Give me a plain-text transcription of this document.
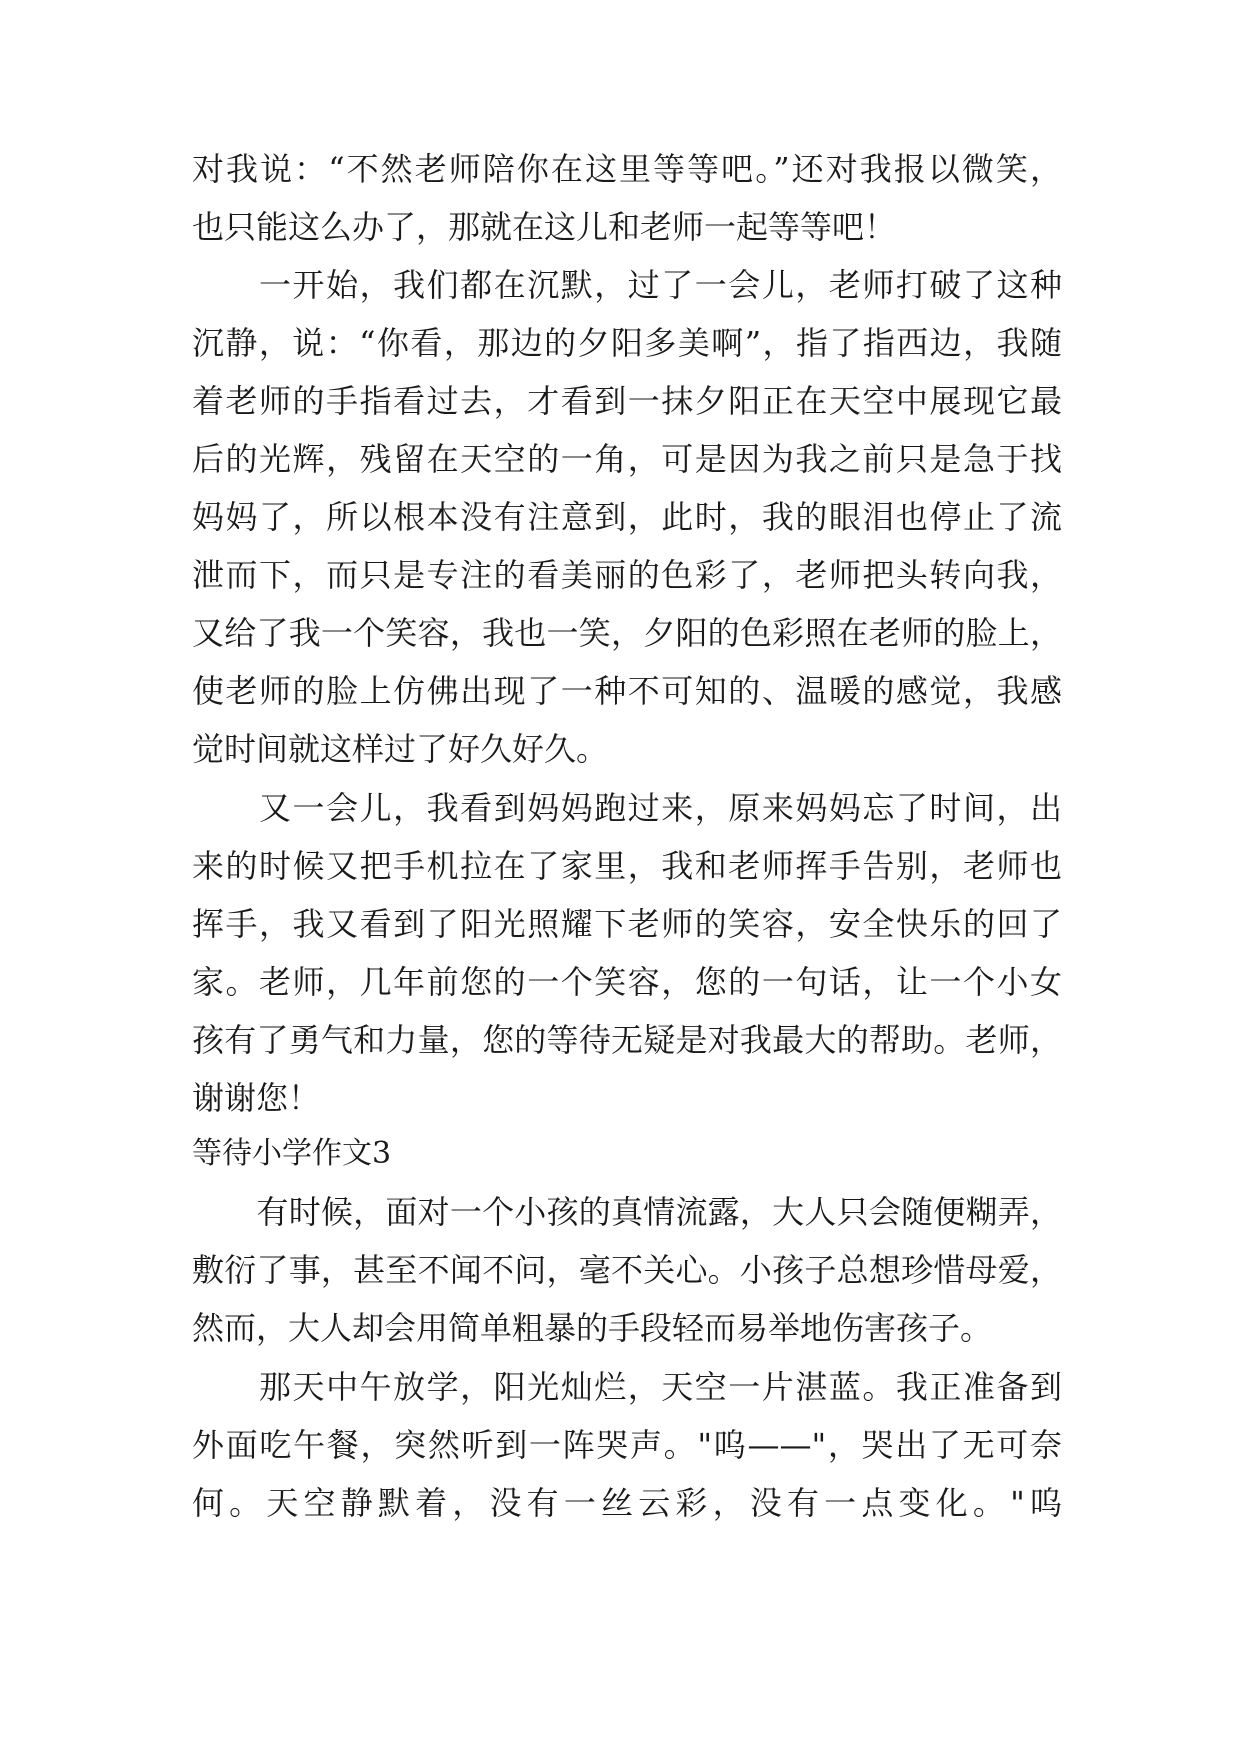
对我说：“不然老师陪你在这里等等吧。”还对我报以微笑，
也只能这么办了，那就在这儿和老师一起等等吧！
　　一开始，我们都在沉默，过了一会儿，老师打破了这种
沉静，说：“你看，那边的夕阳多美啊”，指了指西边，我随
着老师的手指看过去，才看到一抹夕阳正在天空中展现它最
后的光辉，残留在天空的一角，可是因为我之前只是急于找
妈妈了，所以根本没有注意到，此时，我的眼泪也停止了流
泄而下，而只是专注的看美丽的色彩了，老师把头转向我，
又给了我一个笑容，我也一笑，夕阳的色彩照在老师的脸上，
使老师的脸上仿佛出现了一种不可知的、温暖的感觉，我感
觉时间就这样过了好久好久。
　　又一会儿，我看到妈妈跑过来，原来妈妈忘了时间，出
来的时候又把手机拉在了家里，我和老师挥手告别，老师也
挥手，我又看到了阳光照耀下老师的笑容，安全快乐的回了
家。老师，几年前您的一个笑容，您的一句话，让一个小女
孩有了勇气和力量，您的等待无疑是对我最大的帮助。老师，
谢谢您！
等待小学作文3
　　有时候，面对一个小孩的真情流露，大人只会随便糊弄，
敷衍了事，甚至不闻不问，毫不关心。小孩子总想珍惜母爱，
然而，大人却会用简单粗暴的手段轻而易举地伤害孩子。
　　那天中午放学，阳光灿烂，天空一片湛蓝。我正准备到
外面吃午餐，突然听到一阵哭声。"呜——"，哭出了无可奈
何。天空静默着，没有一丝云彩，没有一点变化。"呜
